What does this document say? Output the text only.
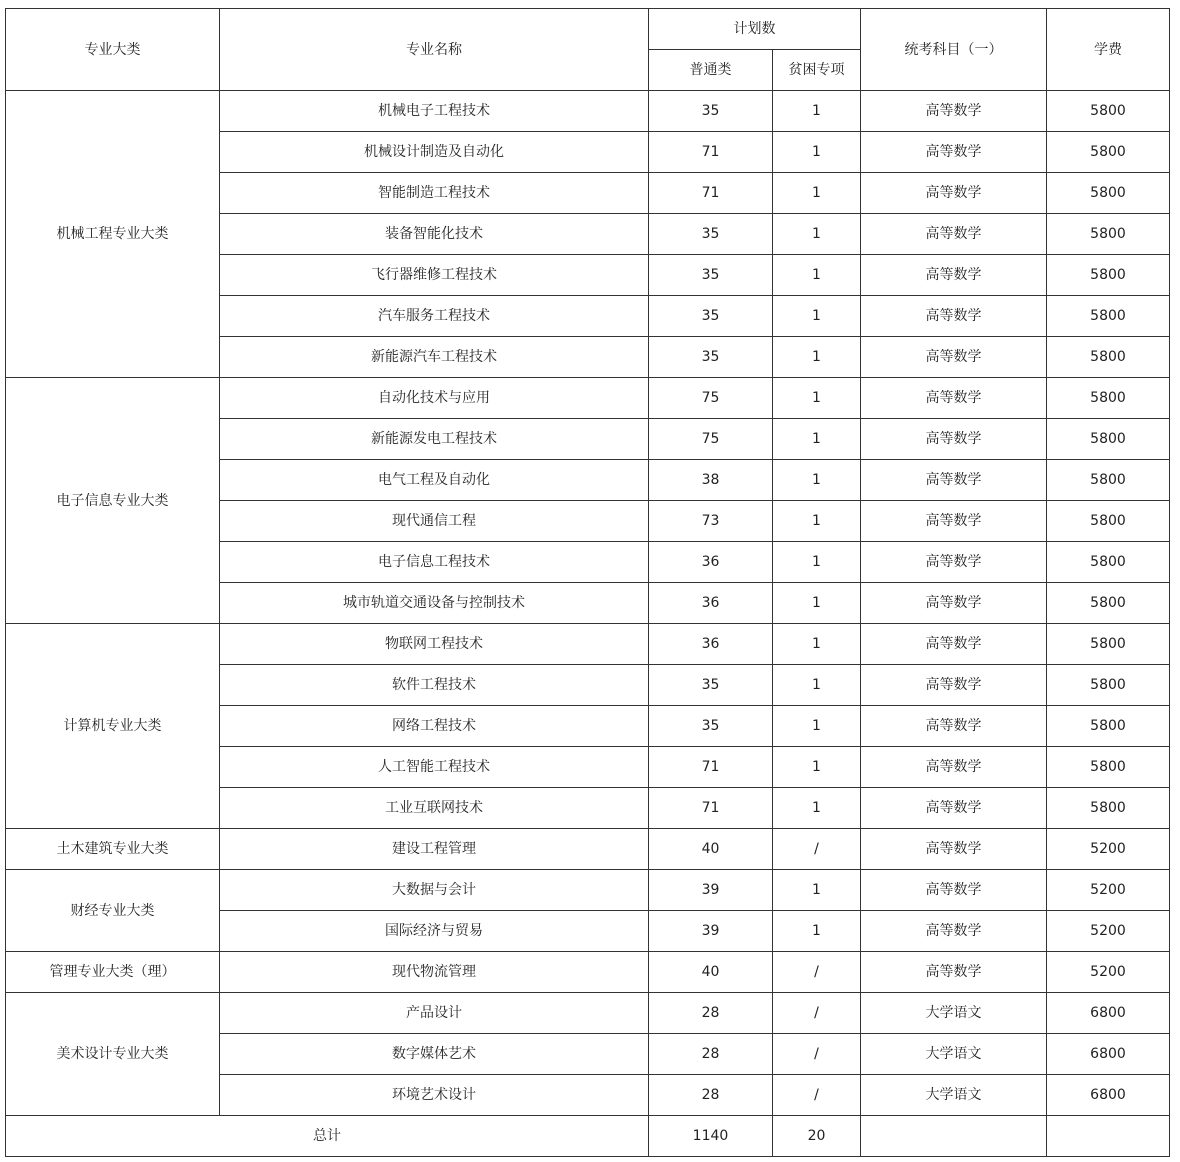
专业大类	专业名称	计划数		统考科目（一）	学费
		普通类	贫困专项		
机械工程专业大类	机械电子工程技术	35	1	高等数学	5800
	机械设计制造及自动化	71	1	高等数学	5800
	智能制造工程技术	71	1	高等数学	5800
	装备智能化技术	35	1	高等数学	5800
	飞行器维修工程技术	35	1	高等数学	5800
	汽车服务工程技术	35	1	高等数学	5800
	新能源汽车工程技术	35	1	高等数学	5800
电子信息专业大类	自动化技术与应用	75	1	高等数学	5800
	新能源发电工程技术	75	1	高等数学	5800
	电气工程及自动化	38	1	高等数学	5800
	现代通信工程	73	1	高等数学	5800
	电子信息工程技术	36	1	高等数学	5800
	城市轨道交通设备与控制技术	36	1	高等数学	5800
计算机专业大类	物联网工程技术	36	1	高等数学	5800
	软件工程技术	35	1	高等数学	5800
	网络工程技术	35	1	高等数学	5800
	人工智能工程技术	71	1	高等数学	5800
	工业互联网技术	71	1	高等数学	5800
土木建筑专业大类	建设工程管理	40	/	高等数学	5200
财经专业大类	大数据与会计	39	1	高等数学	5200
	国际经济与贸易	39	1	高等数学	5200
管理专业大类（理）	现代物流管理	40	/	高等数学	5200
美术设计专业大类	产品设计	28	/	大学语文	6800
	数字媒体艺术	28	/	大学语文	6800
	环境艺术设计	28	/	大学语文	6800
总计		1140	20		
